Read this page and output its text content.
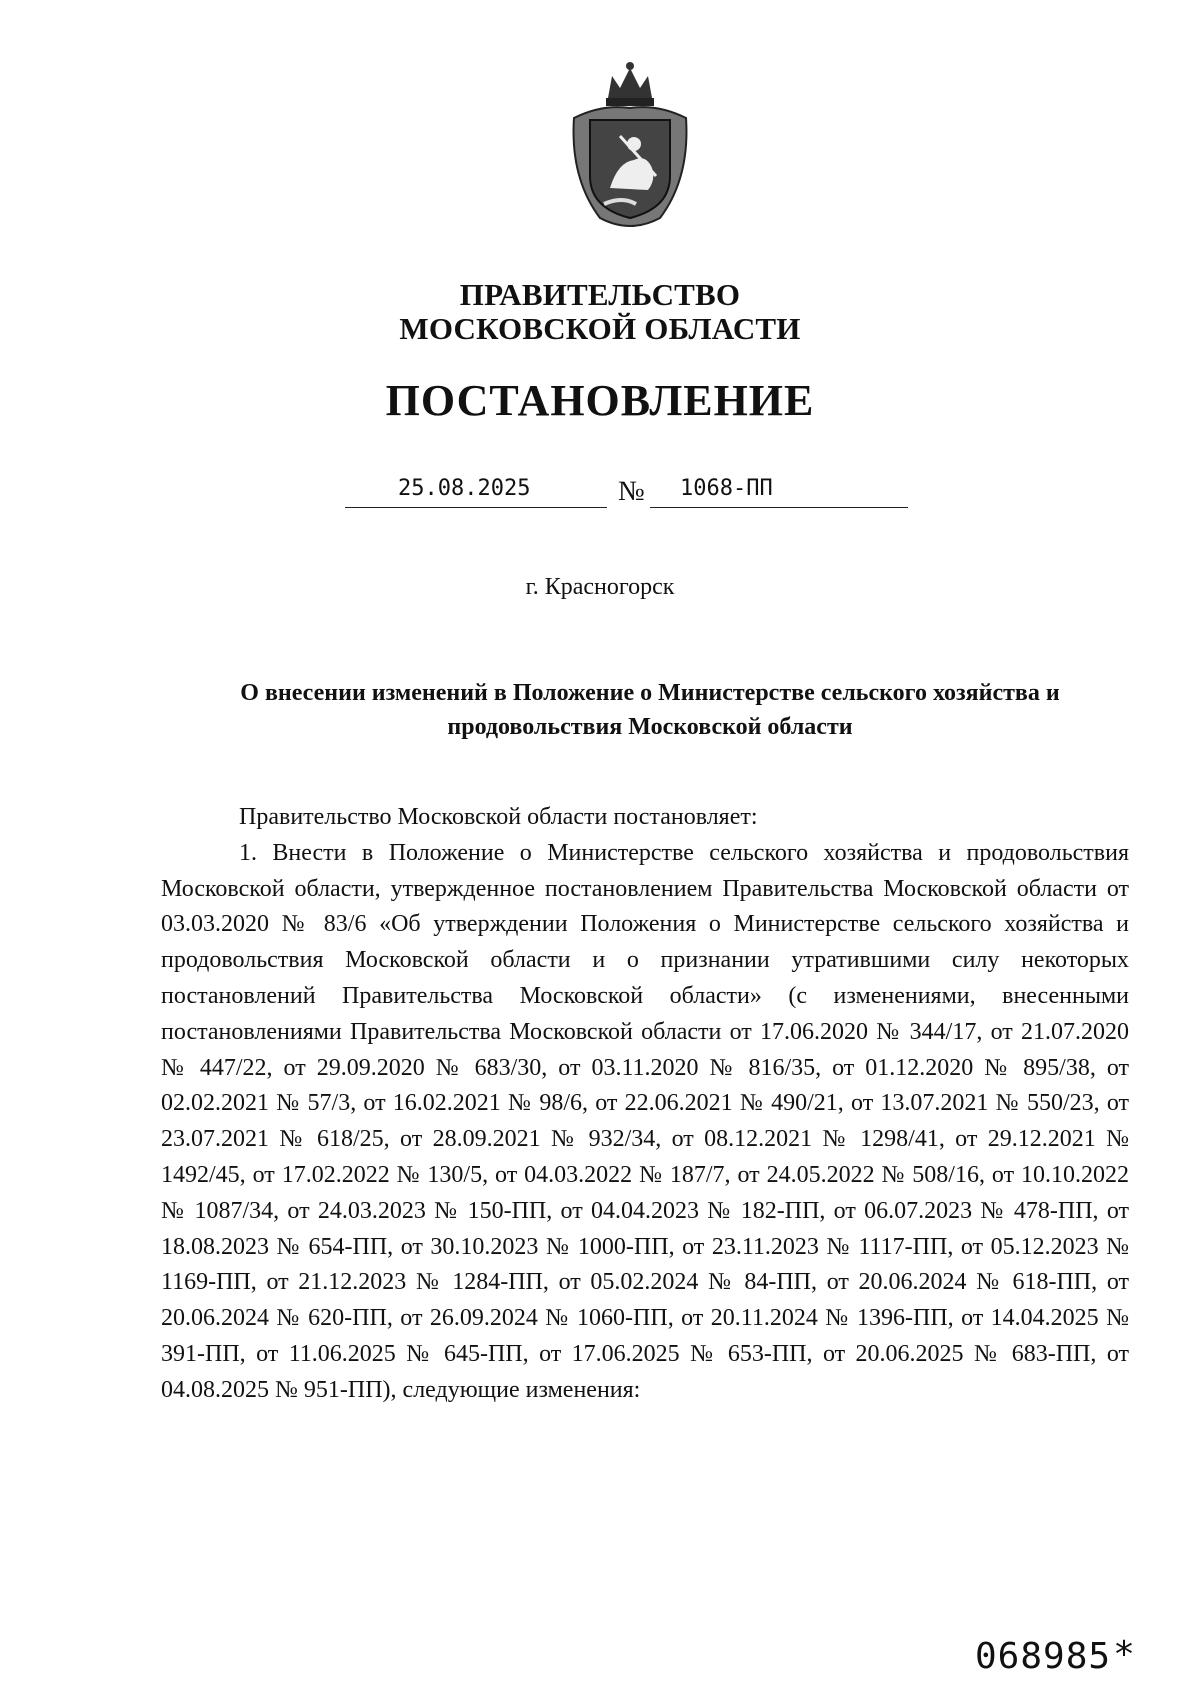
ПРАВИТЕЛЬСТВО
МОСКОВСКОЙ ОБЛАСТИ
ПОСТАНОВЛЕНИЕ
25.08.2025	№ 1068-ПП
г. Красногорск
О внесении изменений в Положение о Министерстве сельского хозяйства и продовольствия Московской области

Правительство Московской области постановляет:

1. Внести в Положение о Министерстве сельского хозяйства и продовольствия Московской области, утвержденное постановлением Правительства Московской области от 03.03.2020 № 83/6 «Об утверждении Положения о Министерстве сельского хозяйства и продовольствия Московской области и о признании утратившими силу некоторых постановлений Правительства Московской области» (с изменениями, внесенными постановлениями Правительства Московской области от 17.06.2020 № 344/17, от 21.07.2020 № 447/22, от 29.09.2020 № 683/30, от 03.11.2020 № 816/35, от 01.12.2020 № 895/38, от 02.02.2021 № 57/3, от 16.02.2021 № 98/6, от 22.06.2021 № 490/21, от 13.07.2021 № 550/23, от 23.07.2021 № 618/25, от 28.09.2021 № 932/34, от 08.12.2021 № 1298/41, от 29.12.2021 № 1492/45, от 17.02.2022 № 130/5, от 04.03.2022 № 187/7, от 24.05.2022 № 508/16, от 10.10.2022 № 1087/34, от 24.03.2023 № 150-ПП, от 04.04.2023 № 182-ПП, от 06.07.2023 № 478-ПП, от 18.08.2023 № 654-ПП, от 30.10.2023 № 1000-ПП, от 23.11.2023 № 1117-ПП, от 05.12.2023 № 1169-ПП, от 21.12.2023 № 1284-ПП, от 05.02.2024 № 84-ПП, от 20.06.2024 № 618-ПП, от 20.06.2024 № 620-ПП, от 26.09.2024 № 1060-ПП, от 20.11.2024 № 1396-ПП, от 14.04.2025 № 391-ПП, от 11.06.2025 № 645-ПП, от 17.06.2025 № 653-ПП, от 20.06.2025 № 683-ПП, от 04.08.2025 № 951-ПП), следующие изменения:

068985 *
